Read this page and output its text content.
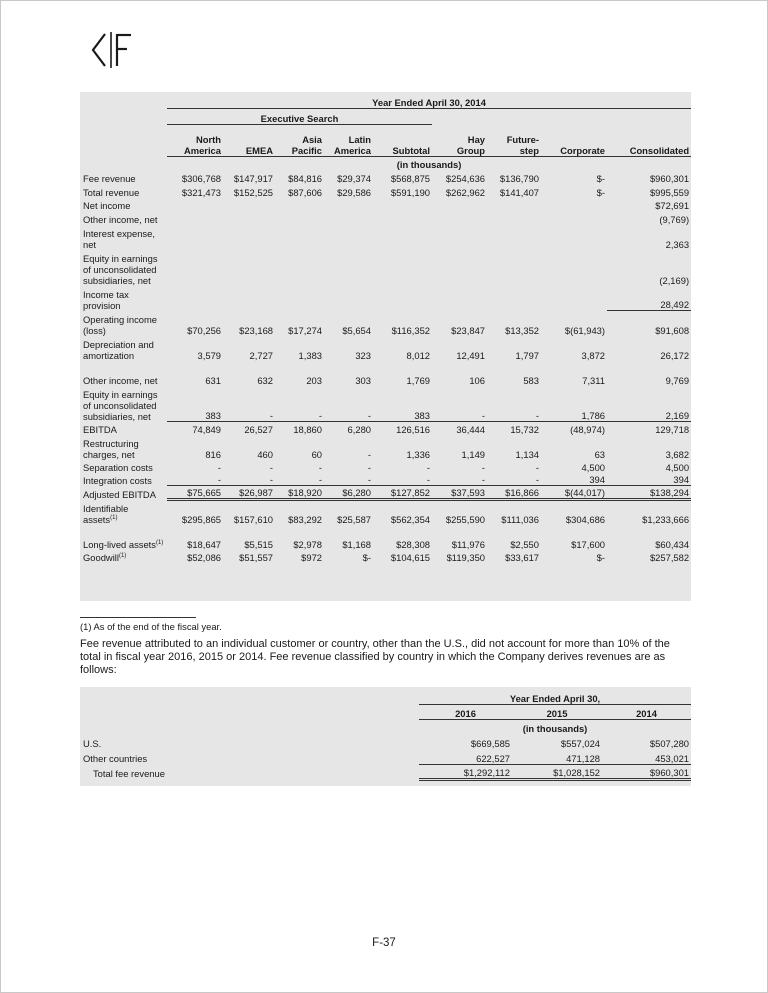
	Year Ended April 30, 2014								
	Executive Search								

	North		Asia	Latin		Hay	Future-		
	America	EMEA	Pacific	America	Subtotal	Group	step	Corporate	Consolidated
	(in thousands)								
Fee revenue	$306,768	$147,917	$84,816	$29,374	$568,875	$254,636	$136,790	$-	$960,301
Total revenue	$321,473	$152,525	$87,606	$29,586	$591,190	$262,962	$141,407	$-	$995,559
Net income									$72,691
Other income, net									(9,769)
Interest expense, net									2,363
Equity in earnings of unconsolidated subsidiaries, net									(2,169)
Income tax provision									28,492
Operating income (loss)	$70,256	$23,168	$17,274	$5,654	$116,352	$23,847	$13,352	$(61,943)	$91,608
Depreciation and amortization	3,579	2,727	1,383	323	8,012	12,491	1,797	3,872	26,172
Other income, net	631	632	203	303	1,769	106	583	7,311	9,769
Equity in earnings of unconsolidated subsidiaries, net	383	-	-	-	383	-	-	1,786	2,169
EBITDA	74,849	26,527	18,860	6,280	126,516	36,444	15,732	(48,974)	129,718
Restructuring charges, net	816	460	60	-	1,336	1,149	1,134	63	3,682
Separation costs	-	-	-	-	-	-	-	4,500	4,500
Integration costs	-	-	-	-	-	-	-	394	394
Adjusted EBITDA	$75,665	$26,987	$18,920	$6,280	$127,852	$37,593	$16,866	$(44,017)	$138,294
Identifiable assets$^{(1)}$	$295,865	$157,610	$83,292	$25,587	$562,354	$255,590	$111,036	$304,686	$1,233,666
Long-lived assets$^{(1)}$	$18,647	$5,515	$2,978	$1,168	$28,308	$11,976	$2,550	$17,600	$60,434
Goodwill$^{(1)}$	$52,086	$51,557	$972	$-	$104,615	$119,350	$33,617	$-	$257,582
(1) As of the end of the fiscal year.
Fee revenue attributed to an individual customer or country, other than the U.S., did not account for more than 10% of the total in fiscal year 2016, 2015 or 2014. Fee revenue classified by country in which the Company derives revenues are as follows:
	Year Ended April 30,		
	2016	2015	2014
	(in thousands)		
U.S.	$669,585	$557,024	$507,280
Other countries	622,527	471,128	453,021
Total fee revenue	$1,292,112	$1,028,152	$960,301
F-37
